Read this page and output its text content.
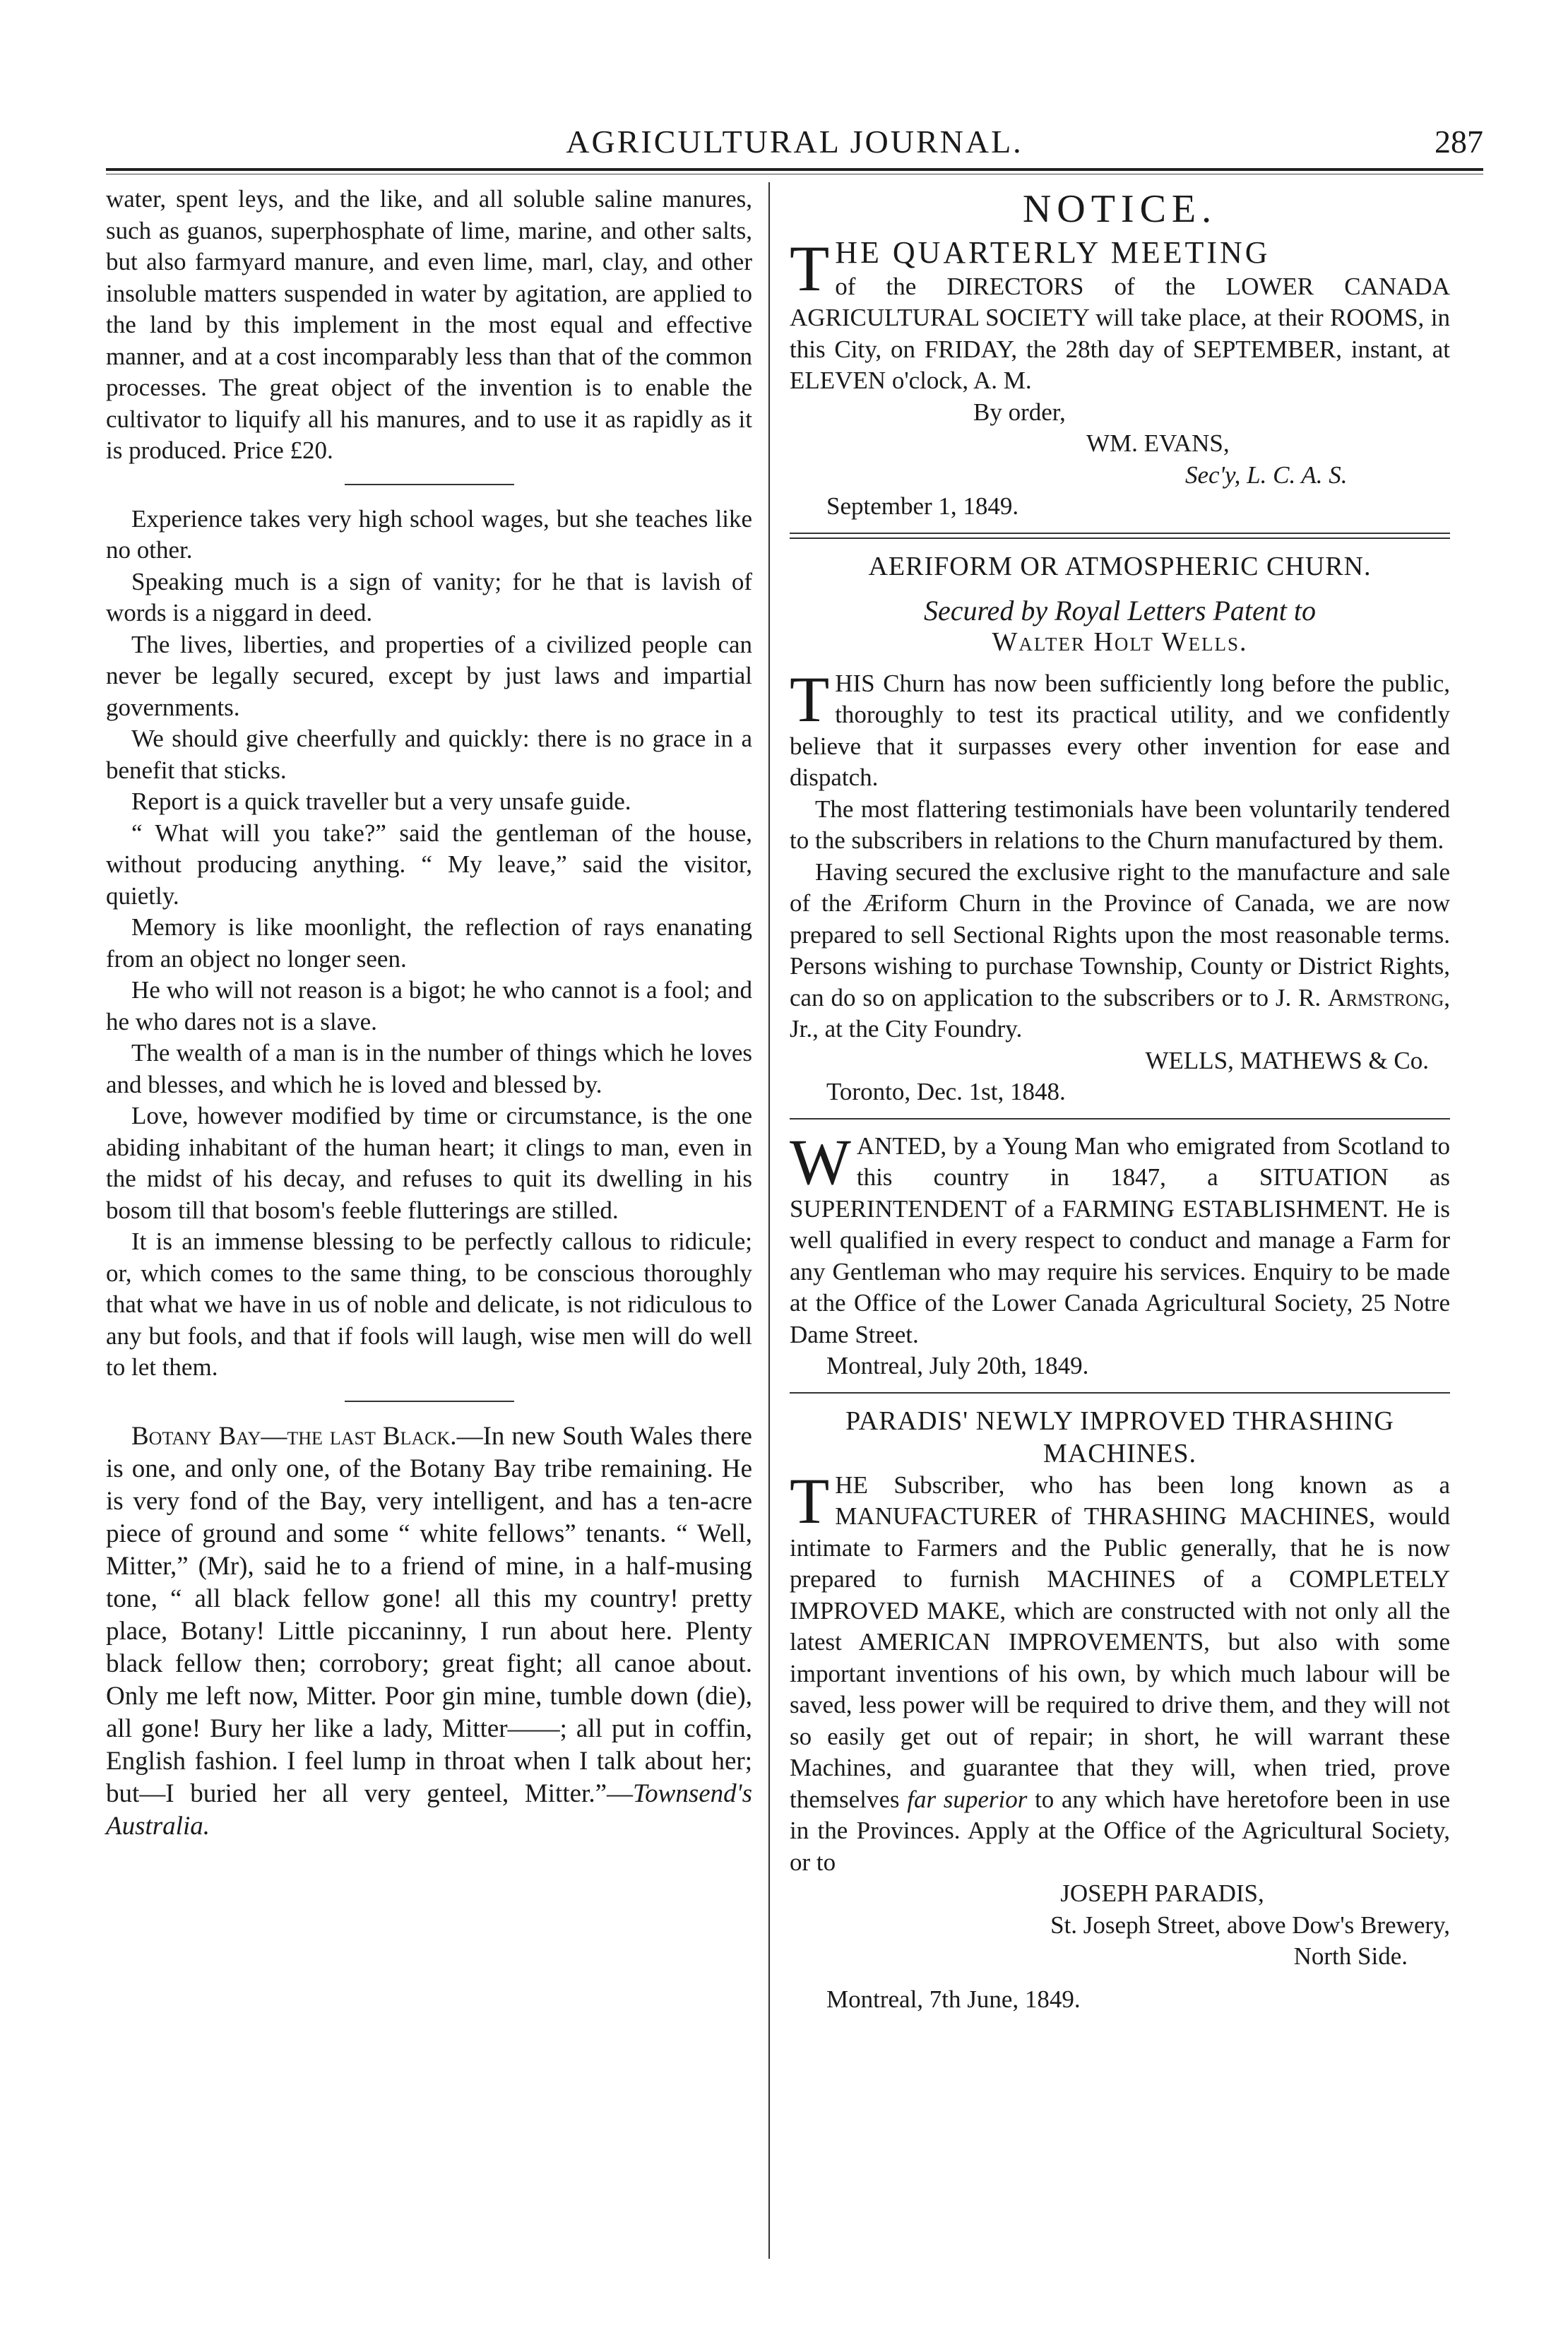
AGRICULTURAL JOURNAL.	287

water, spent leys, and the like, and all soluble saline manures, such as guanos, superphosphate of lime, marine, and other salts, but also farmyard manure, and even lime, marl, clay, and other insoluble matters suspended in water by agitation, are applied to the land by this implement in the most equal and effective manner, and at a cost incomparably less than that of the common processes. The great object of the invention is to enable the cultivator to liquify all his manures, and to use it as rapidly as it is produced. Price £20.

Experience takes very high school wages, but she teaches like no other.

Speaking much is a sign of vanity; for he that is lavish of words is a niggard in deed.

The lives, liberties, and properties of a civilized people can never be legally secured, except by just laws and impartial governments.

We should give cheerfully and quickly: there is no grace in a benefit that sticks.

Report is a quick traveller but a very unsafe guide.

“ What will you take?” said the gentleman of the house, without producing anything. “ My leave,” said the visitor, quietly.

Memory is like moonlight, the reflection of rays enanating from an object no longer seen.

He who will not reason is a bigot; he who cannot is a fool; and he who dares not is a slave.

The wealth of a man is in the number of things which he loves and blesses, and which he is loved and blessed by.

Love, however modified by time or circumstance, is the one abiding inhabitant of the human heart; it clings to man, even in the midst of his decay, and refuses to quit its dwelling in his bosom till that bosom's feeble flutterings are stilled.

It is an immense blessing to be perfectly callous to ridicule; or, which comes to the same thing, to be conscious thoroughly that what we have in us of noble and delicate, is not ridiculous to any but fools, and that if fools will laugh, wise men will do well to let them.

Botany Bay—the last Black.—In new South Wales there is one, and only one, of the Botany Bay tribe remaining. He is very fond of the Bay, very intelligent, and has a ten-acre piece of ground and some “ white fellows” tenants. “ Well, Mitter,” (Mr), said he to a friend of mine, in a half-musing tone, “ all black fellow gone! all this my country! pretty place, Botany! Little piccaninny, I run about here. Plenty black fellow then; corrobory; great fight; all canoe about. Only me left now, Mitter. Poor gin mine, tumble down (die), all gone! Bury her like a lady, Mitter——; all put in coffin, English fashion. I feel lump in throat when I talk about her; but—I buried her all very genteel, Mitter.”—Townsend's Australia.

NOTICE.

THE QUARTERLY MEETING
of the DIRECTORS of the LOWER CANADA AGRICULTURAL SOCIETY will take place, at their ROOMS, in this City, on FRIDAY, the 28th day of SEPTEMBER, instant, at ELEVEN o'clock, A. M.

By order,

WM. EVANS,

Sec'y, L. C. A. S.

September 1, 1849.

AERIFORM OR ATMOSPHERIC CHURN.

Secured by Royal Letters Patent to

Walter Holt Wells.

THIS Churn has now been sufficiently long before the public, thoroughly to test its practical utility, and we confidently believe that it surpasses every other invention for ease and dispatch.

The most flattering testimonials have been voluntarily tendered to the subscribers in relations to the Churn manufactured by them.

Having secured the exclusive right to the manufacture and sale of the Æriform Churn in the Province of Canada, we are now prepared to sell Sectional Rights upon the most reasonable terms. Persons wishing to purchase Township, County or District Rights, can do so on application to the subscribers or to J. R. Armstrong, Jr., at the City Foundry.

WELLS, MATHEWS & Co.

Toronto, Dec. 1st, 1848.

WANTED, by a Young Man who emigrated from Scotland to this country in 1847, a SITUATION as SUPERINTENDENT of a FARMING ESTABLISHMENT. He is well qualified in every respect to conduct and manage a Farm for any Gentleman who may require his services. Enquiry to be made at the Office of the Lower Canada Agricultural Society, 25 Notre Dame Street.

Montreal, July 20th, 1849.

PARADIS' NEWLY IMPROVED THRASHING MACHINES.

THE Subscriber, who has been long known as a MANUFACTURER of THRASHING MACHINES, would intimate to Farmers and the Public generally, that he is now prepared to furnish MACHINES of a COMPLETELY IMPROVED MAKE, which are constructed with not only all the latest AMERICAN IMPROVEMENTS, but also with some important inventions of his own, by which much labour will be saved, less power will be required to drive them, and they will not so easily get out of repair; in short, he will warrant these Machines, and guarantee that they will, when tried, prove themselves far superior to any which have heretofore been in use in the Provinces. Apply at the Office of the Agricultural Society, or to

JOSEPH PARADIS,

St. Joseph Street, above Dow's Brewery,

North Side.

Montreal, 7th June, 1849.
